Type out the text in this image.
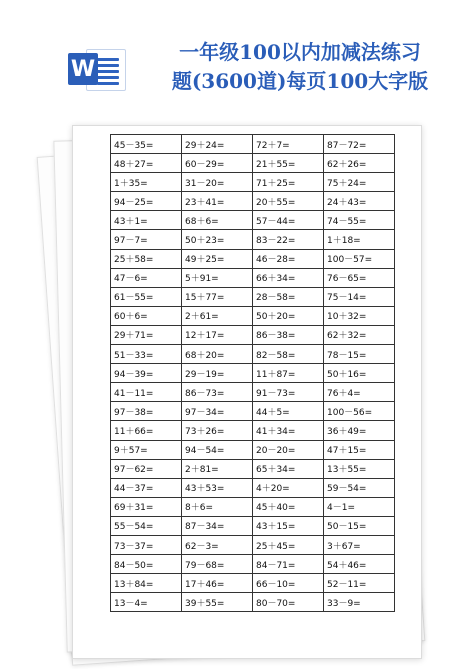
W
一年级100以内加减法练习
题(3600道)每页100大字版
45－35=	29＋24=	72＋7=	87－72=
48＋27=	60－29=	21＋55=	62＋26=
1＋35=	31－20=	71＋25=	75＋24=
94－25=	23＋41=	20＋55=	24＋43=
43＋1=	68＋6=	57－44=	74－55=
97－7=	50＋23=	83－22=	1＋18=
25＋58=	49＋25=	46－28=	100－57=
47－6=	5＋91=	66＋34=	76－65=
61－55=	15＋77=	28－58=	75－14=
60＋6=	2＋61=	50＋20=	10＋32=
29＋71=	12＋17=	86－38=	62＋32=
51－33=	68＋20=	82－58=	78－15=
94－39=	29－19=	11＋87=	50＋16=
41－11=	86－73=	91－73=	76＋4=
97－38=	97－34=	44＋5=	100－56=
11＋66=	73＋26=	41＋34=	36＋49=
9＋57=	94－54=	20－20=	47＋15=
97－62=	2＋81=	65＋34=	13＋55=
44－37=	43＋53=	4＋20=	59－54=
69＋31=	8＋6=	45＋40=	4－1=
55－54=	87－34=	43＋15=	50－15=
73－37=	62－3=	25＋45=	3＋67=
84－50=	79－68=	84－71=	54＋46=
13＋84=	17＋46=	66－10=	52－11=
13－4=	39＋55=	80－70=	33－9=
